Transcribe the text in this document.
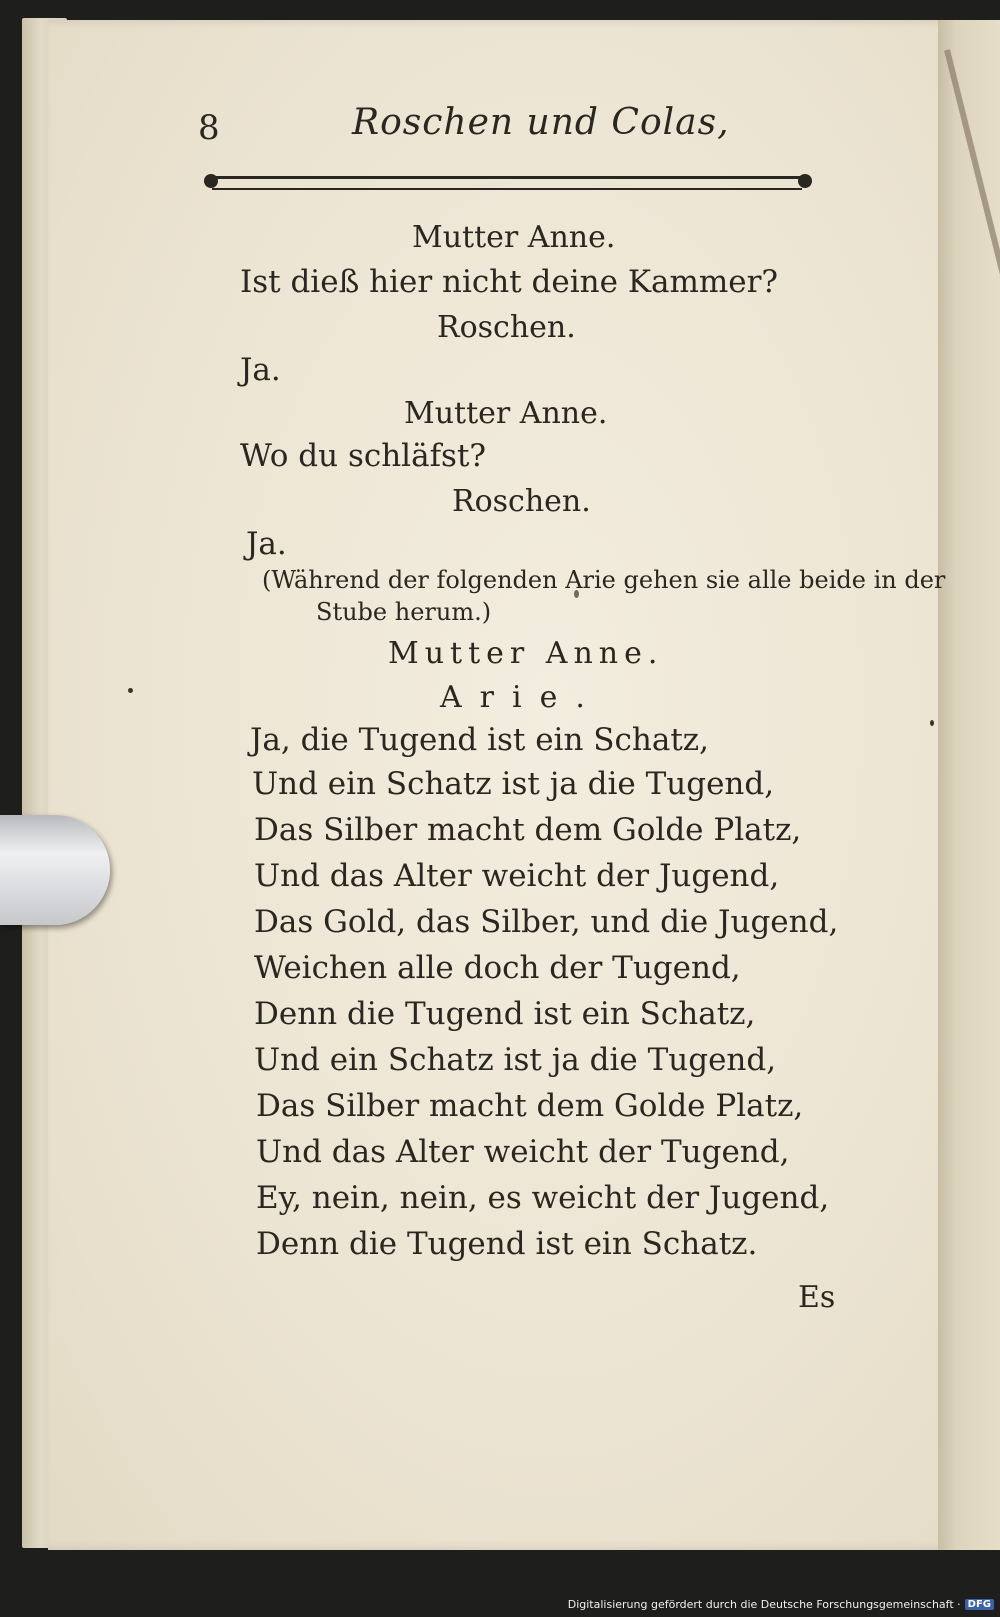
8	Roschen und Colas,
Mutter Anne.
Ist dieß hier nicht deine Kammer?
Roschen.
Ja.
Mutter Anne.
Wo du schläfst?
Roschen.
Ja.
(Während der folgenden Arie gehen sie alle beide in der
Stube herum.)
Mutter Anne.
Arie.
Ja, die Tugend ist ein Schatz,
Und ein Schatz ist ja die Tugend,
Das Silber macht dem Golde Platz,
Und das Alter weicht der Jugend,
Das Gold, das Silber, und die Jugend,
Weichen alle doch der Tugend,
Denn die Tugend ist ein Schatz,
Und ein Schatz ist ja die Tugend,
Das Silber macht dem Golde Platz,
Und das Alter weicht der Tugend,
Ey, nein, nein, es weicht der Jugend,
Denn die Tugend ist ein Schatz.
Es
Digitalisierung gefördert durch die Deutsche Forschungsgemeinschaft · DFG
